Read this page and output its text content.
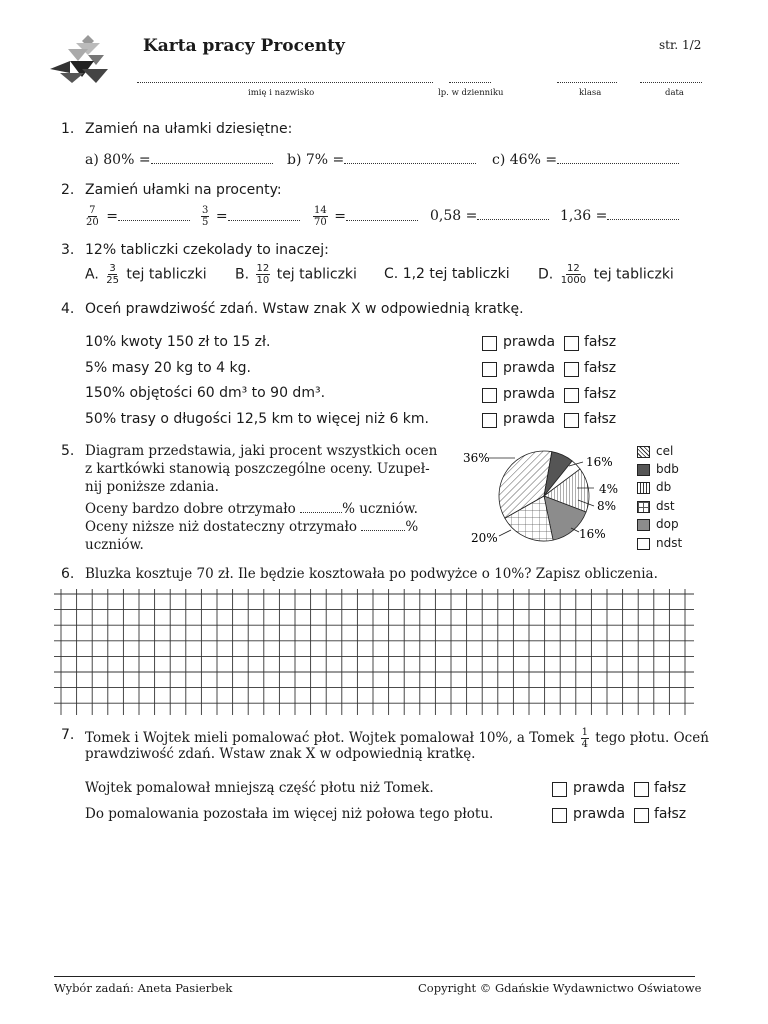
Karta pracy Procenty	str. 1/2
imię i nazwisko	lp. w dzienniku	klasa	data
1. Zamień na ułamki dziesiętne:
a) 80% =	b) 7% =	c) 46% =
2. Zamień ułamki na procenty:
$\frac{7}{20}$ =	$\frac{3}{5}$ =	$\frac{14}{70}$ =	0,58 =	1,36 =
3. 12% tabliczki czekolady to inaczej:
A. $\frac{3}{25}$ tej tabliczki B. $\frac{12}{10}$ tej tabliczki C. 1,2 tej tabliczki D. $\frac{12}{1000}$ tej tabliczki
4. Oceń prawdziwość zdań. Wstaw znak X w odpowiednią kratkę.
10% kwoty 150 zł to 15 zł.	prawda fałsz
5% masy 20 kg to 4 kg.	prawda fałsz
150% objętości 60 dm³ to 90 dm³.	prawda fałsz
50% trasy o długości 12,5 km to więcej niż 6 km.	prawda fałsz
5. Diagram przedstawia, jaki procent wszystkich ocen
z kartkówki stanowią poszczególne oceny. Uzupeł-
nij poniższe zdania.
Oceny bardzo dobre otrzymało	% uczniów.
Oceny niższe niż dostateczny otrzymało	%
uczniów.
36%	16%
4%
8%
16%
20%
cel
bdb
db
dst
dop
ndst
6. Bluzka kosztuje 70 zł. Ile będzie kosztowała po podwyżce o 10%? Zapisz obliczenia.
7. Tomek i Wojtek mieli pomalować płot. Wojtek pomalował 10%, a Tomek $\frac{1}{4}$ tego płotu. Oceń
prawdziwość zdań. Wstaw znak X w odpowiednią kratkę.
Wojtek pomalował mniejszą część płotu niż Tomek.	prawda fałsz
Do pomalowania pozostała im więcej niż połowa tego płotu.	prawda fałsz
Wybór zadań: Aneta Pasierbek	Copyright © Gdańskie Wydawnictwo Oświatowe
